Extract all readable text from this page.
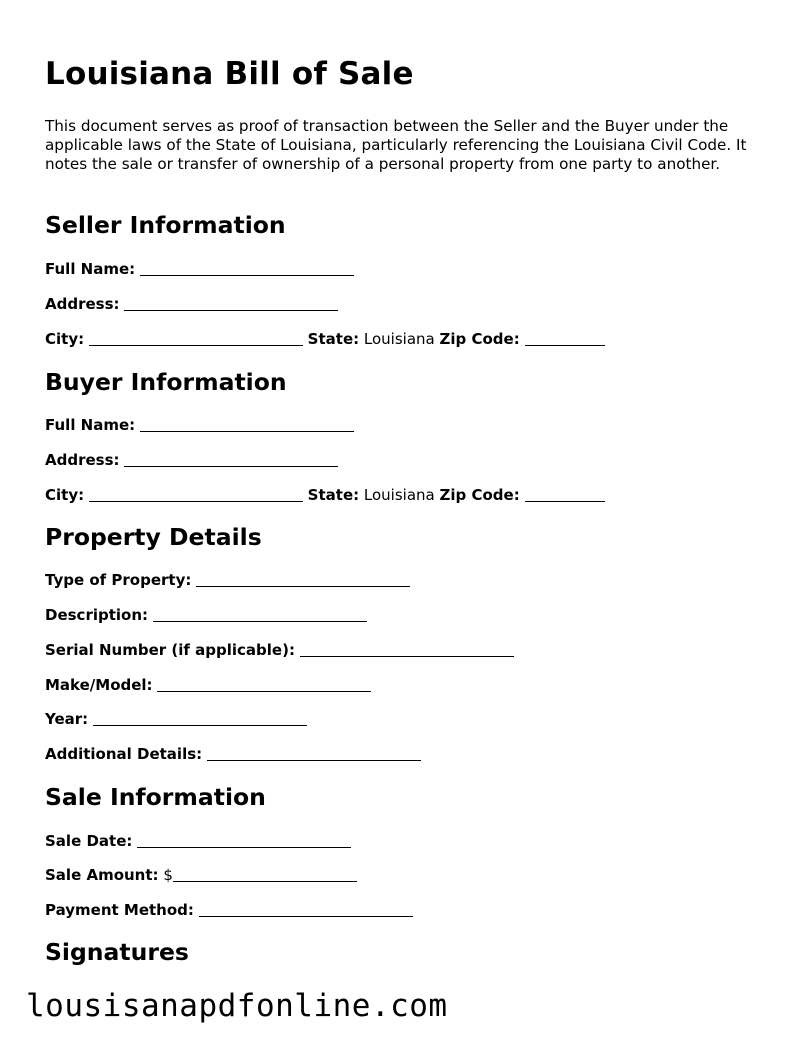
Louisiana Bill of Sale

This document serves as proof of transaction between the Seller and the Buyer under the applicable laws of the State of Louisiana, particularly referencing the Louisiana Civil Code. It notes the sale or transfer of ownership of a personal property from one party to another.

Seller Information

Full Name:

Address:

City:	State: Louisiana Zip Code:

Buyer Information

Full Name:

Address:

City:	State: Louisiana Zip Code:

Property Details

Type of Property:

Description:

Serial Number (if applicable):

Make/Model:

Year:

Additional Details:

Sale Information

Sale Date:

Sale Amount: $

Payment Method:

Signatures

lousisanapdfonline.com
